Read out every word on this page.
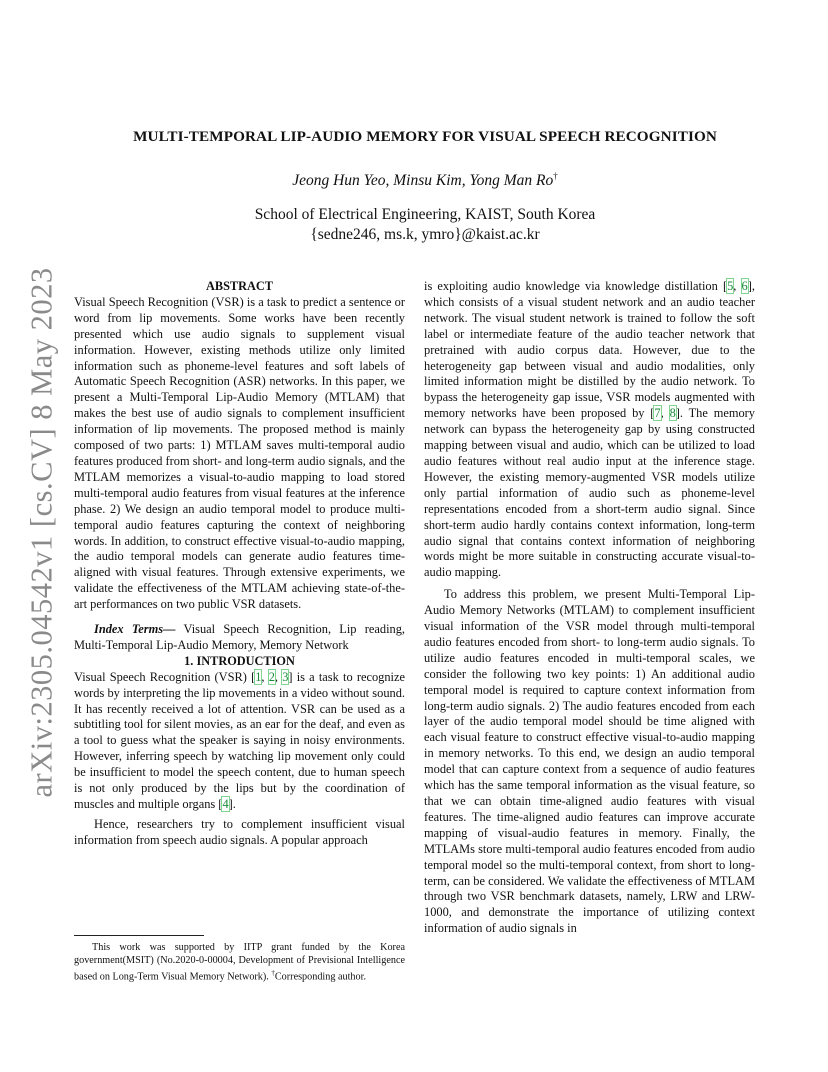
arXiv:2305.04542v1 [cs.CV] 8 May 2023
MULTI-TEMPORAL LIP-AUDIO MEMORY FOR VISUAL SPEECH RECOGNITION
Jeong Hun Yeo, Minsu Kim, Yong Man Ro†
School of Electrical Engineering, KAIST, South Korea
{sedne246, ms.k, ymro}@kaist.ac.kr

ABSTRACT

Visual Speech Recognition (VSR) is a task to predict a sentence or word from lip movements. Some works have been recently presented which use audio signals to supplement visual information. However, existing methods utilize only limited information such as phoneme-level features and soft labels of Automatic Speech Recognition (ASR) networks. In this paper, we present a Multi-Temporal Lip-Audio Memory (MTLAM) that makes the best use of audio signals to complement insufficient information of lip movements. The proposed method is mainly composed of two parts: 1) MTLAM saves multi-temporal audio features produced from short- and long-term audio signals, and the MTLAM memorizes a visual-to-audio mapping to load stored multi-temporal audio features from visual features at the inference phase. 2) We design an audio temporal model to produce multi-temporal audio features capturing the context of neighboring words. In addition, to construct effective visual-to-audio mapping, the audio temporal models can generate audio features time-aligned with visual features. Through extensive experiments, we validate the effectiveness of the MTLAM achieving state-of-the-art performances on two public VSR datasets.

Index Terms— Visual Speech Recognition, Lip reading, Multi-Temporal Lip-Audio Memory, Memory Network

1. INTRODUCTION

Visual Speech Recognition (VSR) [1, 2, 3] is a task to recognize words by interpreting the lip movements in a video without sound. It has recently received a lot of attention. VSR can be used as a subtitling tool for silent movies, as an ear for the deaf, and even as a tool to guess what the speaker is saying in noisy environments. However, inferring speech by watching lip movement only could be insufficient to model the speech content, due to human speech is not only produced by the lips but by the coordination of muscles and multiple organs [4].

Hence, researchers try to complement insufficient visual information from speech audio signals. A popular approach

This work was supported by IITP grant funded by the Korea government(MSIT) (No.2020-0-00004, Development of Previsional Intelligence based on Long-Term Visual Memory Network). †Corresponding author.

is exploiting audio knowledge via knowledge distillation [5, 6], which consists of a visual student network and an audio teacher network. The visual student network is trained to follow the soft label or intermediate feature of the audio teacher network that pretrained with audio corpus data. However, due to the heterogeneity gap between visual and audio modalities, only limited information might be distilled by the audio network. To bypass the heterogeneity gap issue, VSR models augmented with memory networks have been proposed by [7, 8]. The memory network can bypass the heterogeneity gap by using constructed mapping between visual and audio, which can be utilized to load audio features without real audio input at the inference stage. However, the existing memory-augmented VSR models utilize only partial information of audio such as phoneme-level representations encoded from a short-term audio signal. Since short-term audio hardly contains context information, long-term audio signal that contains context information of neighboring words might be more suitable in constructing accurate visual-to-audio mapping.

To address this problem, we present Multi-Temporal Lip-Audio Memory Networks (MTLAM) to complement insufficient visual information of the VSR model through multi-temporal audio features encoded from short- to long-term audio signals. To utilize audio features encoded in multi-temporal scales, we consider the following two key points: 1) An additional audio temporal model is required to capture context information from long-term audio signals. 2) The audio features encoded from each layer of the audio temporal model should be time aligned with each visual feature to construct effective visual-to-audio mapping in memory networks. To this end, we design an audio temporal model that can capture context from a sequence of audio features which has the same temporal information as the visual feature, so that we can obtain time-aligned audio features with visual features. The time-aligned audio features can improve accurate mapping of visual-audio features in memory. Finally, the MTLAMs store multi-temporal audio features encoded from audio temporal model so the multi-temporal context, from short to long-term, can be considered. We validate the effectiveness of MTLAM through two VSR benchmark datasets, namely, LRW and LRW-1000, and demonstrate the importance of utilizing context information of audio signals in
